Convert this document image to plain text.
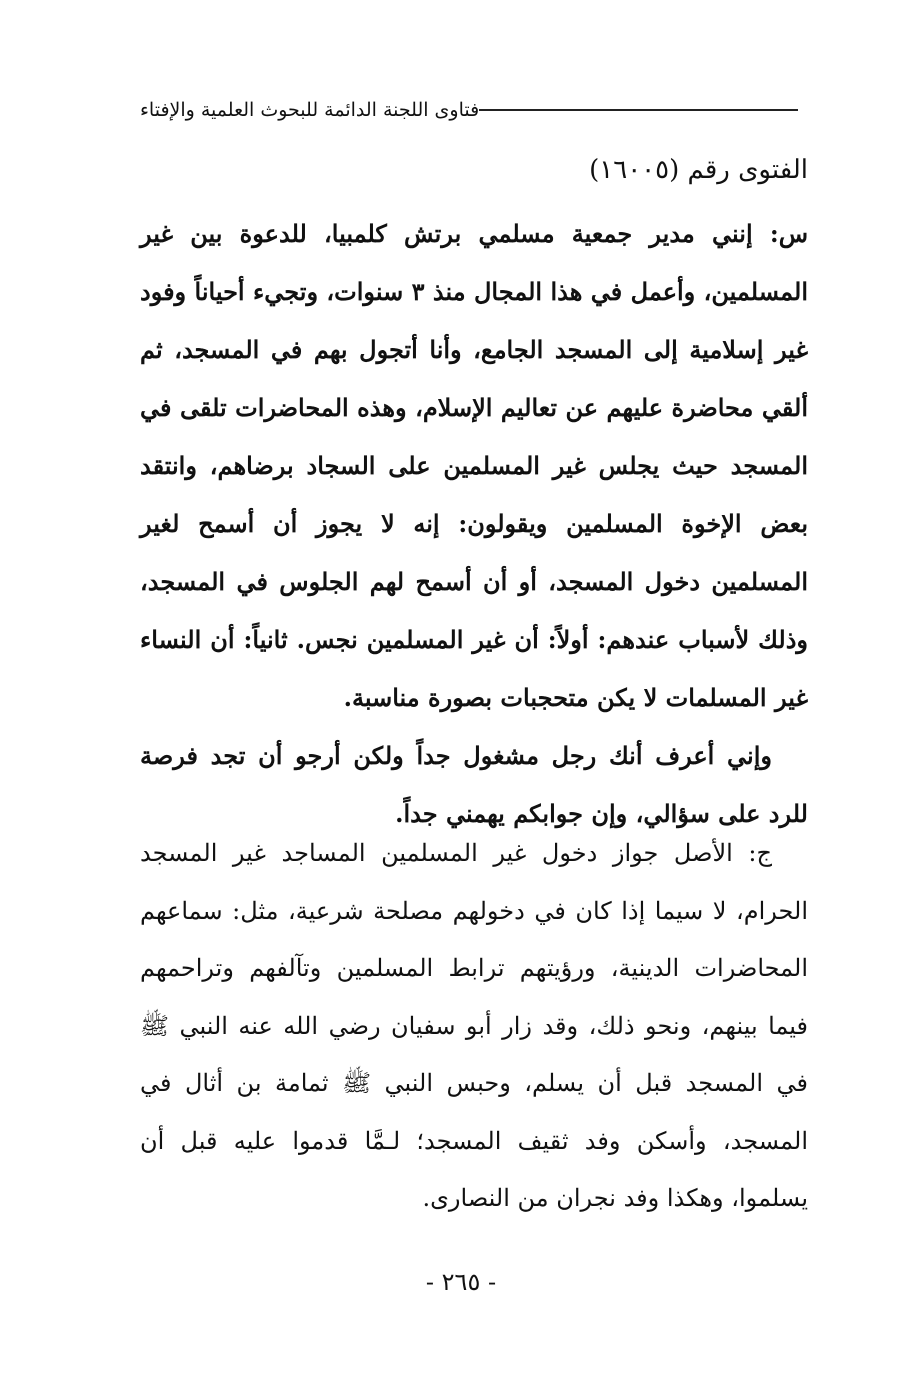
فتاوى اللجنة الدائمة للبحوث العلمية والإفتاء
الفتوى رقم (١٦٠٠٥)

س: إنني مدير جمعية مسلمي برتش كلمبيا، للدعوة بين غير المسلمين، وأعمل في هذا المجال منذ ٣ سنوات، وتجيء أحياناً وفود غير إسلامية إلى المسجد الجامع، وأنا أتجول بهم في المسجد، ثم ألقي محاضرة عليهم عن تعاليم الإسلام، وهذه المحاضرات تلقى في المسجد حيث يجلس غير المسلمين على السجاد برضاهم، وانتقد بعض الإخوة المسلمين ويقولون: إنه لا يجوز أن أسمح لغير المسلمين دخول المسجد، أو أن أسمح لهم الجلوس في المسجد، وذلك لأسباب عندهم: أولاً: أن غير المسلمين نجس. ثانياً: أن النساء غير المسلمات لا يكن متحجبات بصورة مناسبة.

وإني أعرف أنك رجل مشغول جداً ولكن أرجو أن تجد فرصة للرد على سؤالي، وإن جوابكم يهمني جداً.

ج: الأصل جواز دخول غير المسلمين المساجد غير المسجد الحرام، لا سيما إذا كان في دخولهم مصلحة شرعية، مثل: سماعهم المحاضرات الدينية، ورؤيتهم ترابط المسلمين وتآلفهم وتراحمهم فيما بينهم، ونحو ذلك، وقد زار أبو سفيان رضي الله عنه النبي ﷺ في المسجد قبل أن يسلم، وحبس النبي ﷺ ثمامة بن أثال في المسجد، وأسكن وفد ثقيف المسجد؛ لـمَّا قدموا عليه قبل أن يسلموا، وهكذا وفد نجران من النصارى.

- ٢٦٥ -
